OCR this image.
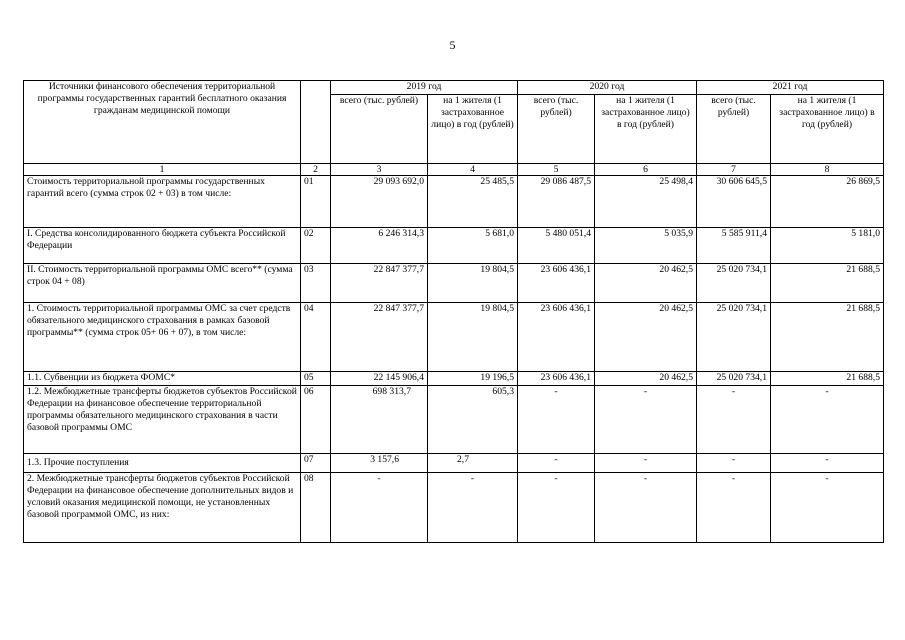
5
Источники финансового обеспечения территориальной программы государственных гарантий бесплатного оказания гражданам медицинской помощи		2019 год		2020 год		2021 год	
		всего (тыс. рублей)	на 1 жителя (1 застрахованное лицо) в год (рублей)	всего (тыс. рублей)	на 1 жителя (1 застрахованное лицо) в год (рублей)	всего (тыс. рублей)	на 1 жителя (1 застрахованное лицо) в год (рублей)
1	2	3	4	5	6	7	8
Стоимость территориальной программы государственных гарантий всего (сумма строк 02 + 03) в том числе:	01	29 093 692,0	25 485,5	29 086 487,5	25 498,4	30 606 645,5	26 869,5
I. Средства консолидированного бюджета субъекта Российской Федерации	02	6 246 314,3	5 681,0	5 480 051,4	5 035,9	5 585 911,4	5 181,0
II. Стоимость территориальной программы ОМС всего** (сумма строк 04 + 08)	03	22 847 377,7	19 804,5	23 606 436,1	20 462,5	25 020 734,1	21 688,5
1. Стоимость территориальной программы ОМС за счет средств обязательного медицинского страхования в рамках базовой программы** (сумма строк 05+ 06 + 07), в том числе:	04	22 847 377,7	19 804,5	23 606 436,1	20 462,5	25 020 734,1	21 688,5
1.1. Субвенции из бюджета ФОМС*	05	22 145 906,4	19 196,5	23 606 436,1	20 462,5	25 020 734,1	21 688,5
1.2. Межбюджетные трансферты бюджетов субъектов Российской Федерации на финансовое обеспечение территориальной программы обязательного медицинского страхования в части базовой программы ОМС	06	698 313,7	605,3	-	-	-	-
1.3. Прочие поступления	07	3 157,6	2,7	-	-	-	-
2. Межбюджетные трансферты бюджетов субъектов Российской Федерации на финансовое обеспечение дополнительных видов и условий оказания медицинской помощи, не установленных базовой программой ОМС, из них:	08	-	-	-	-	-	-
